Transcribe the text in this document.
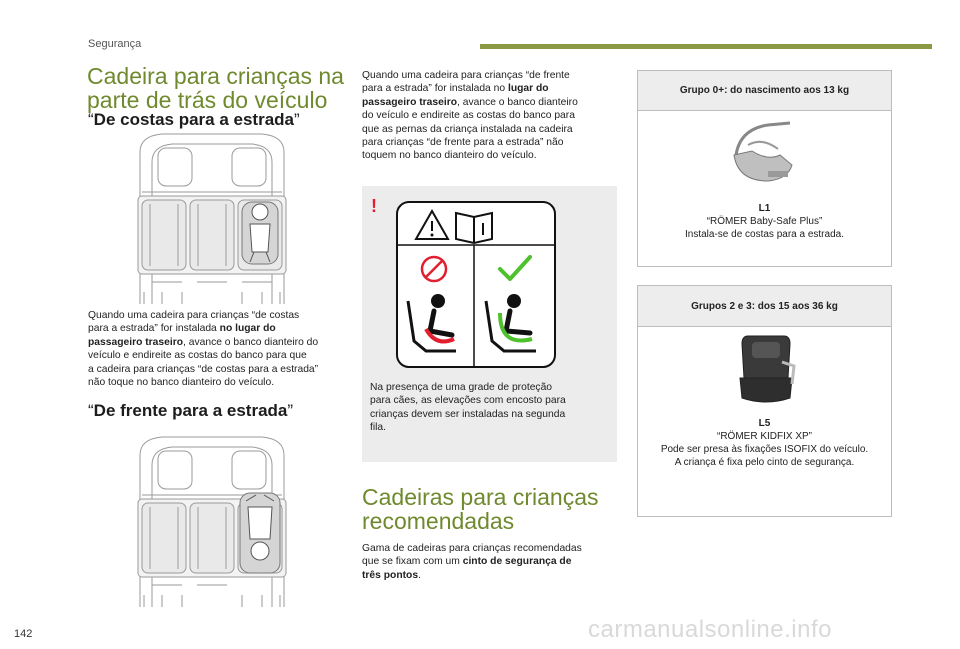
Segurança
Cadeira para crianças na
parte de trás do veículo
“De costas para a estrada”
Quando uma cadeira para crianças “de costas
para a estrada” for instalada no lugar do
passageiro traseiro, avance o banco dianteiro do
veículo e endireite as costas do banco para que
a cadeira para crianças “de costas para a estrada”
não toque no banco dianteiro do veículo.
“De frente para a estrada”
Quando uma cadeira para crianças “de frente
para a estrada” for instalada no lugar do
passageiro traseiro, avance o banco dianteiro
do veículo e endireite as costas do banco para
que as pernas da criança instalada na cadeira
para crianças “de frente para a estrada” não
toquem no banco dianteiro do veículo.
!
Na presença de uma grade de proteção
para cães, as elevações com encosto para
crianças devem ser instaladas na segunda
fila.
Cadeiras para crianças
recomendadas
Gama de cadeiras para crianças recomendadas
que se fixam com um cinto de segurança de
três pontos.
Grupo 0+: do nascimento aos 13 kg
L1
“RÖMER Baby-Safe Plus”
Instala-se de costas para a estrada.
Grupos 2 e 3: dos 15 aos 36 kg
L5
“RÖMER KIDFIX XP”
Pode ser presa às fixações ISOFIX do veículo.
A criança é fixa pelo cinto de segurança.
142	carmanualsonline.info
